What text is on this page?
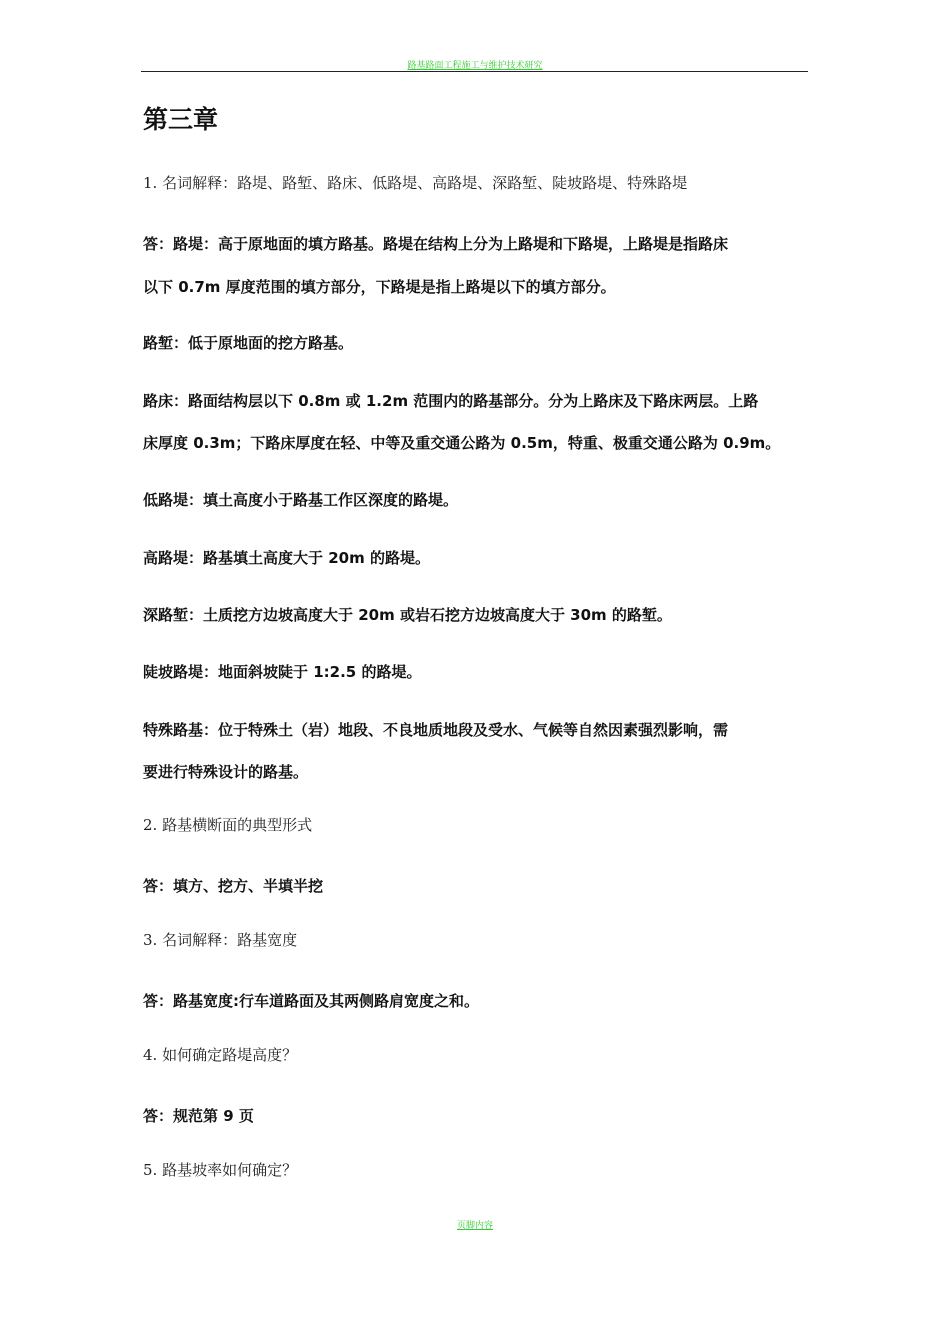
路基路面工程施工与维护技术研究
第三章
1. 名词解释：路堤、路堑、路床、低路堤、高路堤、深路堑、陡坡路堤、特殊路堤
答：路堤：高于原地面的填方路基。路堤在结构上分为上路堤和下路堤，上路堤是指路床
以下 0.7m 厚度范围的填方部分，下路堤是指上路堤以下的填方部分。
路堑：低于原地面的挖方路基。
路床：路面结构层以下 0.8m 或 1.2m 范围内的路基部分。分为上路床及下路床两层。上路
床厚度 0.3m；下路床厚度在轻、中等及重交通公路为 0.5m，特重、极重交通公路为 0.9m。
低路堤：填土高度小于路基工作区深度的路堤。
高路堤：路基填土高度大于 20m 的路堤。
深路堑：土质挖方边坡高度大于 20m 或岩石挖方边坡高度大于 30m 的路堑。
陡坡路堤：地面斜坡陡于 1:2.5 的路堤。
特殊路基：位于特殊土（岩）地段、不良地质地段及受水、气候等自然因素强烈影响，需
要进行特殊设计的路基。
2. 路基横断面的典型形式
答：填方、挖方、半填半挖
3. 名词解释：路基宽度
答：路基宽度:行车道路面及其两侧路肩宽度之和。
4. 如何确定路堤高度？
答：规范第 9 页
5. 路基坡率如何确定？
页脚内容
